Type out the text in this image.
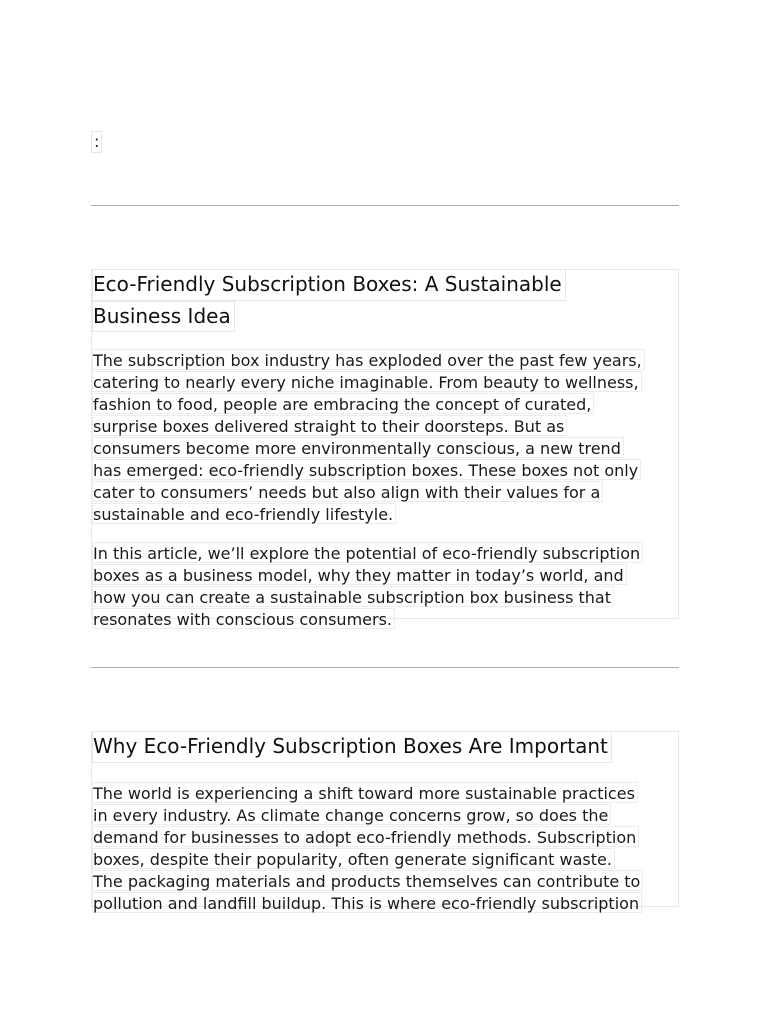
:
Eco-Friendly Subscription Boxes: A Sustainable
Business Idea

The subscription box industry has exploded over the past few years,
catering to nearly every niche imaginable. From beauty to wellness,
fashion to food, people are embracing the concept of curated,
surprise boxes delivered straight to their doorsteps. But as
consumers become more environmentally conscious, a new trend
has emerged: eco-friendly subscription boxes. These boxes not only
cater to consumers’ needs but also align with their values for a
sustainable and eco-friendly lifestyle.

In this article, we’ll explore the potential of eco-friendly subscription
boxes as a business model, why they matter in today’s world, and
how you can create a sustainable subscription box business that
resonates with conscious consumers.

Why Eco-Friendly Subscription Boxes Are Important

The world is experiencing a shift toward more sustainable practices
in every industry. As climate change concerns grow, so does the
demand for businesses to adopt eco-friendly methods. Subscription
boxes, despite their popularity, often generate significant waste.
The packaging materials and products themselves can contribute to
pollution and landfill buildup. This is where eco-friendly subscription
